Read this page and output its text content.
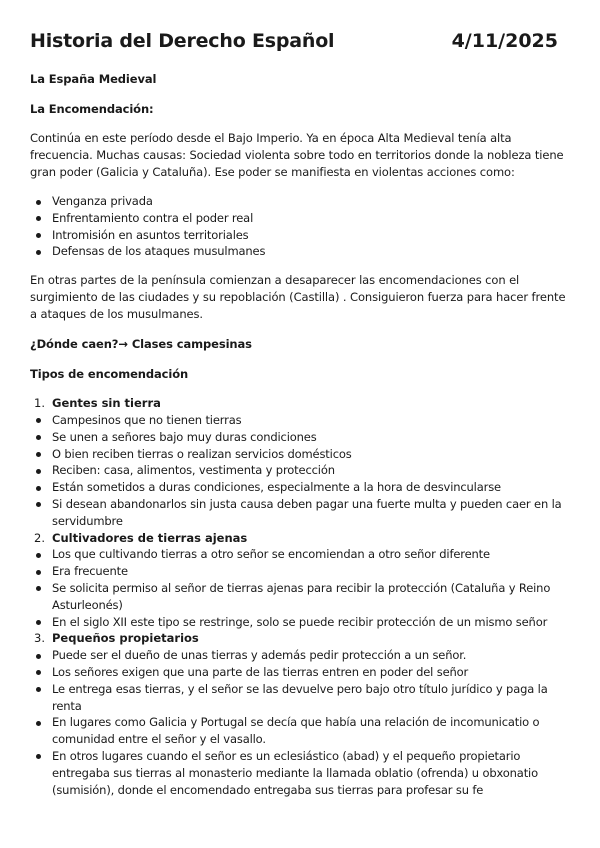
Historia del Derecho Español	4/11/2025
La España Medieval
La Encomendación:

Continúa en este período desde el Bajo Imperio. Ya en época Alta Medieval tenía alta frecuencia. Muchas causas: Sociedad violenta sobre todo en territorios donde la nobleza tiene gran poder (Galicia y Cataluña). Ese poder se manifiesta en violentas acciones como:

Venganza privada
Enfrentamiento contra el poder real
Intromisión en asuntos territoriales
Defensas de los ataques musulmanes

En otras partes de la península comienzan a desaparecer las encomendaciones con el surgimiento de las ciudades y su repoblación (Castilla) . Consiguieron fuerza para hacer frente a ataques de los musulmanes.

¿Dónde caen?→ Clases campesinas
Tipos de encomendación
1. Gentes sin tierra
Campesinos que no tienen tierras
Se unen a señores bajo muy duras condiciones
O bien reciben tierras o realizan servicios domésticos
Reciben: casa, alimentos, vestimenta y protección
Están sometidos a duras condiciones, especialmente a la hora de desvincularse
Si desean abandonarlos sin justa causa deben pagar una fuerte multa y pueden caer en la servidumbre
2. Cultivadores de tierras ajenas
Los que cultivando tierras a otro señor se encomiendan a otro señor diferente
Era frecuente
Se solicita permiso al señor de tierras ajenas para recibir la protección (Cataluña y Reino Asturleonés)
En el siglo XII este tipo se restringe, solo se puede recibir protección de un mismo señor
3. Pequeños propietarios
Puede ser el dueño de unas tierras y además pedir protección a un señor.
Los señores exigen que una parte de las tierras entren en poder del señor
Le entrega esas tierras, y el señor se las devuelve pero bajo otro título jurídico y paga la renta
En lugares como Galicia y Portugal se decía que había una relación de incomunicatio o comunidad entre el señor y el vasallo.
En otros lugares cuando el señor es un eclesiástico (abad) y el pequeño propietario entregaba sus tierras al monasterio mediante la llamada oblatio (ofrenda) u obxonatio (sumisión), donde el encomendado entregaba sus tierras para profesar su fe
